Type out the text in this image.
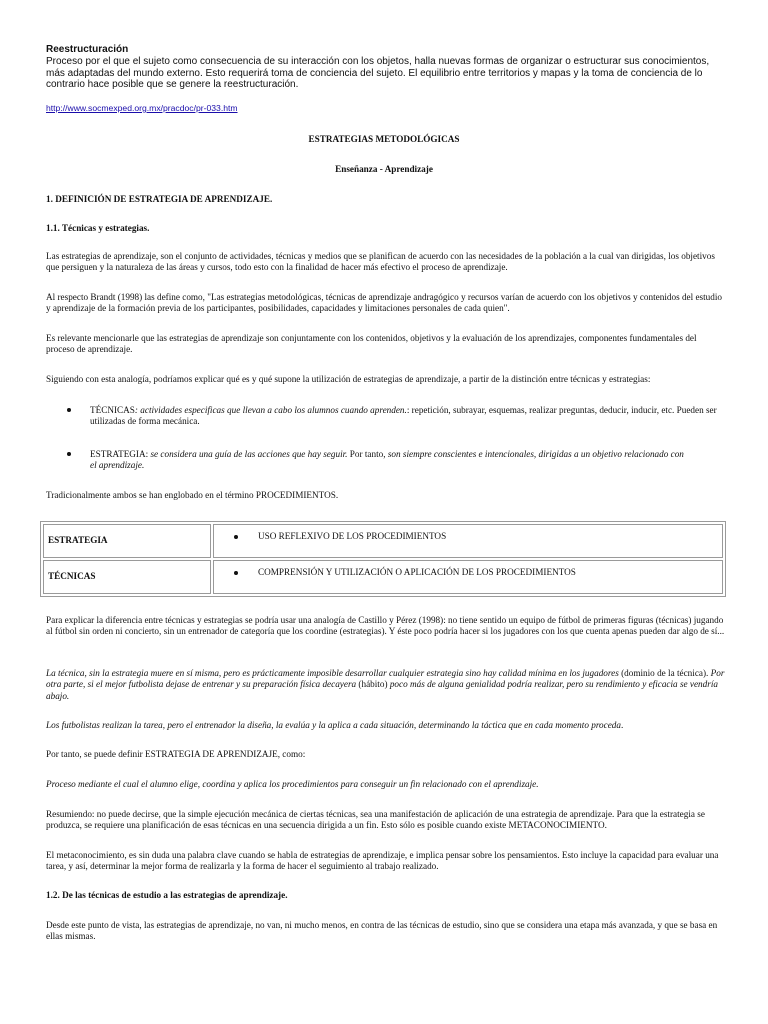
Reestructuración
Proceso por el que el sujeto como consecuencia de su interacción con los objetos, halla nuevas formas de organizar o estructurar sus conocimientos, más adaptadas del mundo externo. Esto requerirá toma de conciencia del sujeto. El equilibrio entre territorios y mapas y la toma de conciencia de lo contrario hace posible que se genere la reestructuración.
http://www.socmexped.org.mx/pracdoc/pr-033.htm
ESTRATEGIAS METODOLÓGICAS
Enseñanza - Aprendizaje
1. DEFINICIÓN DE ESTRATEGIA DE APRENDIZAJE.
1.1. Técnicas y estrategias.
Las estrategias de aprendizaje, son el conjunto de actividades, técnicas y medios que se planifican de acuerdo con las necesidades de la población a la cual van dirigidas, los objetivos que persiguen y la naturaleza de las áreas y cursos, todo esto con la finalidad de hacer más efectivo el proceso de aprendizaje.
Al respecto Brandt (1998) las define como, "Las estrategias metodológicas, técnicas de aprendizaje andragógico y recursos varían de acuerdo con los objetivos y contenidos del estudio y aprendizaje de la formación previa de los participantes, posibilidades, capacidades y limitaciones personales de cada quien".
Es relevante mencionarle que las estrategias de aprendizaje son conjuntamente con los contenidos, objetivos y la evaluación de los aprendizajes, componentes fundamentales del proceso de aprendizaje.
Siguiendo con esta analogía, podríamos explicar qué es y qué supone la utilización de estrategias de aprendizaje, a partir de la distinción entre técnicas y estrategias:
TÉCNICAS: actividades especificas que llevan a cabo los alumnos cuando aprenden.: repetición, subrayar, esquemas, realizar preguntas, deducir, inducir, etc. Pueden ser utilizadas de forma mecánica.
ESTRATEGIA: se considera una guía de las acciones que hay seguir. Por tanto, son siempre conscientes e intencionales, dirigidas a un objetivo relacionado con el aprendizaje.
Tradicionalmente ambos se han englobado en el término PROCEDIMIENTOS.
ESTRATEGIA	USO REFLEXIVO DE LOS PROCEDIMIENTOS

TÉCNICAS	COMPRENSIÓN Y UTILIZACIÓN O APLICACIÓN DE LOS PROCEDIMIENTOS
Para explicar la diferencia entre técnicas y estrategias se podría usar una analogía de Castillo y Pérez (1998): no tiene sentido un equipo de fútbol de primeras figuras (técnicas) jugando al fútbol sin orden ni concierto, sin un entrenador de categoría que los coordine (estrategias). Y éste poco podría hacer si los jugadores con los que cuenta apenas pueden dar algo de sí...
La técnica, sin la estrategia muere en sí misma, pero es prácticamente imposible desarrollar cualquier estrategia sino hay calidad mínima en los jugadores (dominio de la técnica). Por otra parte, si el mejor futbolista dejase de entrenar y su preparación física decayera (hábito) poco más de alguna genialidad podría realizar, pero su rendimiento y eficacia se vendría abajo.
Los futbolistas realizan la tarea, pero el entrenador la diseña, la evalúa y la aplica a cada situación, determinando la táctica que en cada momento proceda.
Por tanto, se puede definir ESTRATEGIA DE APRENDIZAJE, como:
Proceso mediante el cual el alumno elige, coordina y aplica los procedimientos para conseguir un fin relacionado con el aprendizaje.
Resumiendo: no puede decirse, que la simple ejecución mecánica de ciertas técnicas, sea una manifestación de aplicación de una estrategia de aprendizaje. Para que la estrategia se produzca, se requiere una planificación de esas técnicas en una secuencia dirigida a un fin. Esto sólo es posible cuando existe METACONOCIMIENTO.
El metaconocimiento, es sin duda una palabra clave cuando se habla de estrategias de aprendizaje, e implica pensar sobre los pensamientos. Esto incluye la capacidad para evaluar una tarea, y así, determinar la mejor forma de realizarla y la forma de hacer el seguimiento al trabajo realizado.
1.2. De las técnicas de estudio a las estrategias de aprendizaje.
Desde este punto de vista, las estrategias de aprendizaje, no van, ni mucho menos, en contra de las técnicas de estudio, sino que se considera una etapa más avanzada, y que se basa en ellas mismas.
